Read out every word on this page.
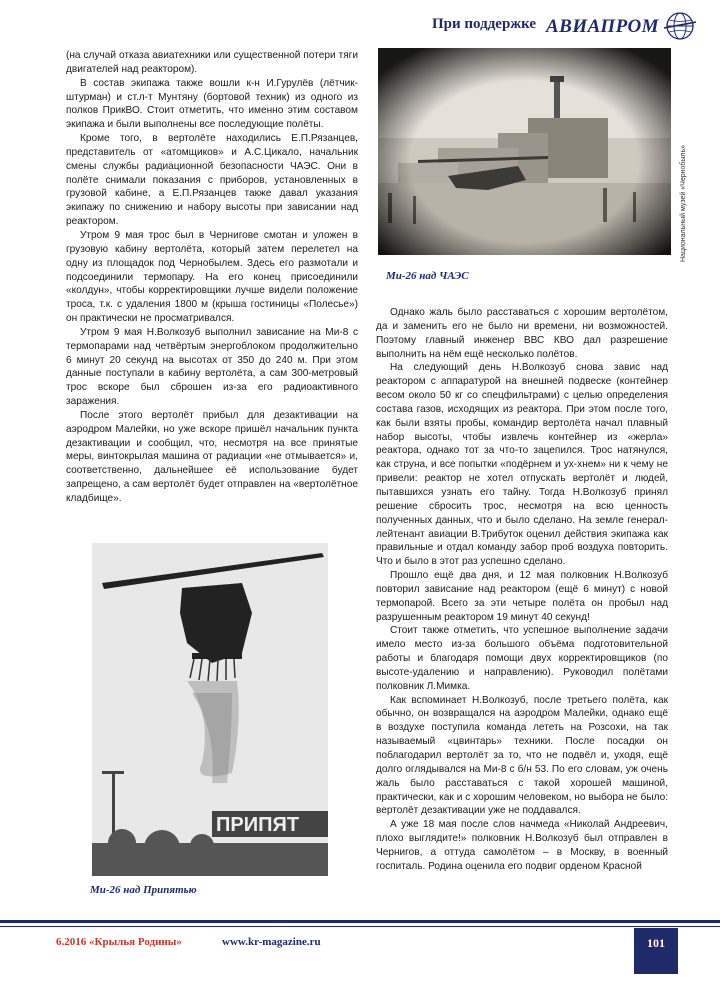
При поддержке АВИАПРОМ

(на случай отказа авиатехники или существенной потери тяги двигателей над реактором).

В состав экипажа также вошли к-н И.Гурулёв (лётчик-штурман) и ст.л-т Мунтяну (бортовой техник) из одного из полков ПрикВО. Стоит отметить, что именно этим составом экипажа и были выполнены все последующие полёты.

Кроме того, в вертолёте находились Е.П.Рязанцев, представитель от «атомщиков» и А.С.Цикало, начальник смены службы радиационной безопасности ЧАЭС. Они в полёте снимали показания с приборов, установленных в грузовой кабине, а Е.П.Рязанцев также давал указания экипажу по снижению и набору высоты при зависании над реактором.

Утром 9 мая трос был в Чернигове смотан и уложен в грузовую кабину вертолёта, который затем перелетел на одну из площадок под Чернобылем. Здесь его размотали и подсоединили термопару. На его конец присоединили «колдун», чтобы корректировщики лучше видели положение троса, т.к. с удаления 1800 м (крыша гостиницы «Полесье») он практически не просматривался.

Утром 9 мая Н.Волкозуб выполнил зависание на Ми-8 с термопарами над четвёртым энергоблоком продолжительно 6 минут 20 секунд на высотах от 350 до 240 м. При этом данные поступали в кабину вертолёта, а сам 300-метровый трос вскоре был сброшен из-за его радиоактивного заражения.

После этого вертолёт прибыл для дезактивации на аэродром Малейки, но уже вскоре пришёл начальник пункта дезактивации и сообщил, что, несмотря на все принятые меры, винтокрылая машина от радиации «не отмывается» и, соответственно, дальнейшее её использование будет запрещено, а сам вертолёт будет отправлен на «вертолётное кладбище».

Национальный музей «Чернобыль»
Ми-26 над ЧАЭС

Однако жаль было расставаться с хорошим вертолётом, да и заменить его не было ни времени, ни возможностей. Поэтому главный инженер ВВС КВО дал разрешение выполнить на нём ещё несколько полётов.

На следующий день Н.Волкозуб снова завис над реактором с аппаратурой на внешней подвеске (контейнер весом около 50 кг со спецфильтрами) с целью определения состава газов, исходящих из реактора. При этом после того, как были взяты пробы, командир вертолёта начал плавный набор высоты, чтобы извлечь контейнер из «жерла» реактора, однако тот за что-то зацепился. Трос натянулся, как струна, и все попытки «подёрнем и ух-хнем» ни к чему не привели: реактор не хотел отпускать вертолёт и людей, пытавшихся узнать его тайну. Тогда Н.Волкозуб принял решение сбросить трос, несмотря на всю ценность полученных данных, что и было сделано. На земле генерал-лейтенант авиации В.Трибуток оценил действия экипажа как правильные и отдал команду забор проб воздуха повторить. Что и было в этот раз успешно сделано.

Прошло ещё два дня, и 12 мая полковник Н.Волкозуб повторил зависание над реактором (ещё 6 минут) с новой термопарой. Всего за эти четыре полёта он пробыл над разрушенным реактором 19 минут 40 секунд!

Стоит также отметить, что успешное выполнение задачи имело место из-за большого объёма подготовительной работы и благодаря помощи двух корректировщиков (по высоте-удалению и направлению). Руководил полётами полковник Л.Мимка.

Как вспоминает Н.Волкозуб, после третьего полёта, как обычно, он возвращался на аэродром Малейки, однако ещё в воздухе поступила команда лететь на Розсохи, на так называемый «цвинтарь» техники. После посадки он поблагодарил вертолёт за то, что не подвёл и, уходя, ещё долго оглядывался на Ми-8 с б/н 53. По его словам, уж очень жаль было расставаться с такой хорошей машиной, практически, как и с хорошим человеком, но выбора не было: вертолёт дезактивации уже не поддавался.

А уже 18 мая после слов начмеда «Николай Андреевич, плохо выглядите!» полковник Н.Волкозуб был отправлен в Чернигов, а оттуда самолётом – в Москву, в военный госпиталь. Родина оценила его подвиг орденом Красной

ПРИПЯТ
Ми-26 над Припятью
6.2016 «Крылья Родины»	www.kr-magazine.ru	101
